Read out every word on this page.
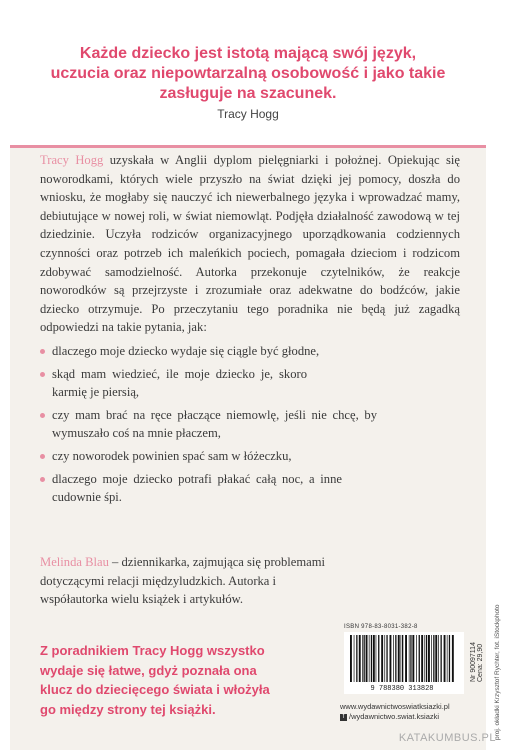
Każde dziecko jest istotą mającą swój język,
uczucia oraz niepowtarzalną osobowość i jako takie
zasługuje na szacunek.
Tracy Hogg

Tracy Hogg uzyskała w Anglii dyplom pielęgniarki i położnej. Opiekując się noworodkami, których wiele przyszło na świat dzięki jej pomocy, doszła do wniosku, że mogłaby się nauczyć ich niewerbalnego języka i wprowadzać mamy, debiutujące w nowej roli, w świat niemowląt. Podjęła działalność zawodową w tej dziedzinie. Uczyła rodziców organizacyjnego uporządkowania codziennych czynności oraz potrzeb ich maleńkich pociech, pomagała dzieciom i rodzicom zdobywać samodzielność. Autorka przekonuje czytelników, że reakcje noworodków są przejrzyste i zrozumiałe oraz adekwatne do bodźców, jakie dziecko otrzymuje. Po przeczytaniu tego poradnika nie będą już zagadką odpowiedzi na takie pytania, jak:

dlaczego moje dziecko wydaje się ciągle być głodne,
skąd mam wiedzieć, ile moje dziecko je, skoro karmię je piersią,
czy mam brać na ręce płaczące niemowlę, jeśli nie chcę, by wymuszało coś na mnie płaczem,
czy noworodek powinien spać sam w łóżeczku,
dlaczego moje dziecko potrafi płakać całą noc, a inne cudownie śpi.
Melinda Blau – dziennikarka, zajmująca się problemami dotyczącymi relacji międzyludzkich. Autorka i współautorka wielu książek i artykułów.
Z poradnikiem Tracy Hogg wszystko wydaje się łatwe, gdyż poznała ona klucz do dziecięcego świata i włożyła go między strony tej książki.
ISBN 978-83-8031-382-8
9 788380 313828
Nr 90097114
Cena: 29,90 proj. okładki Krzysztof Rychter, fot. iStockphoto
www.wydawnictwoswiatksiazki.pl
f /wydawnictwo.swiat.ksiazki
KATAKUMBUS.PL
